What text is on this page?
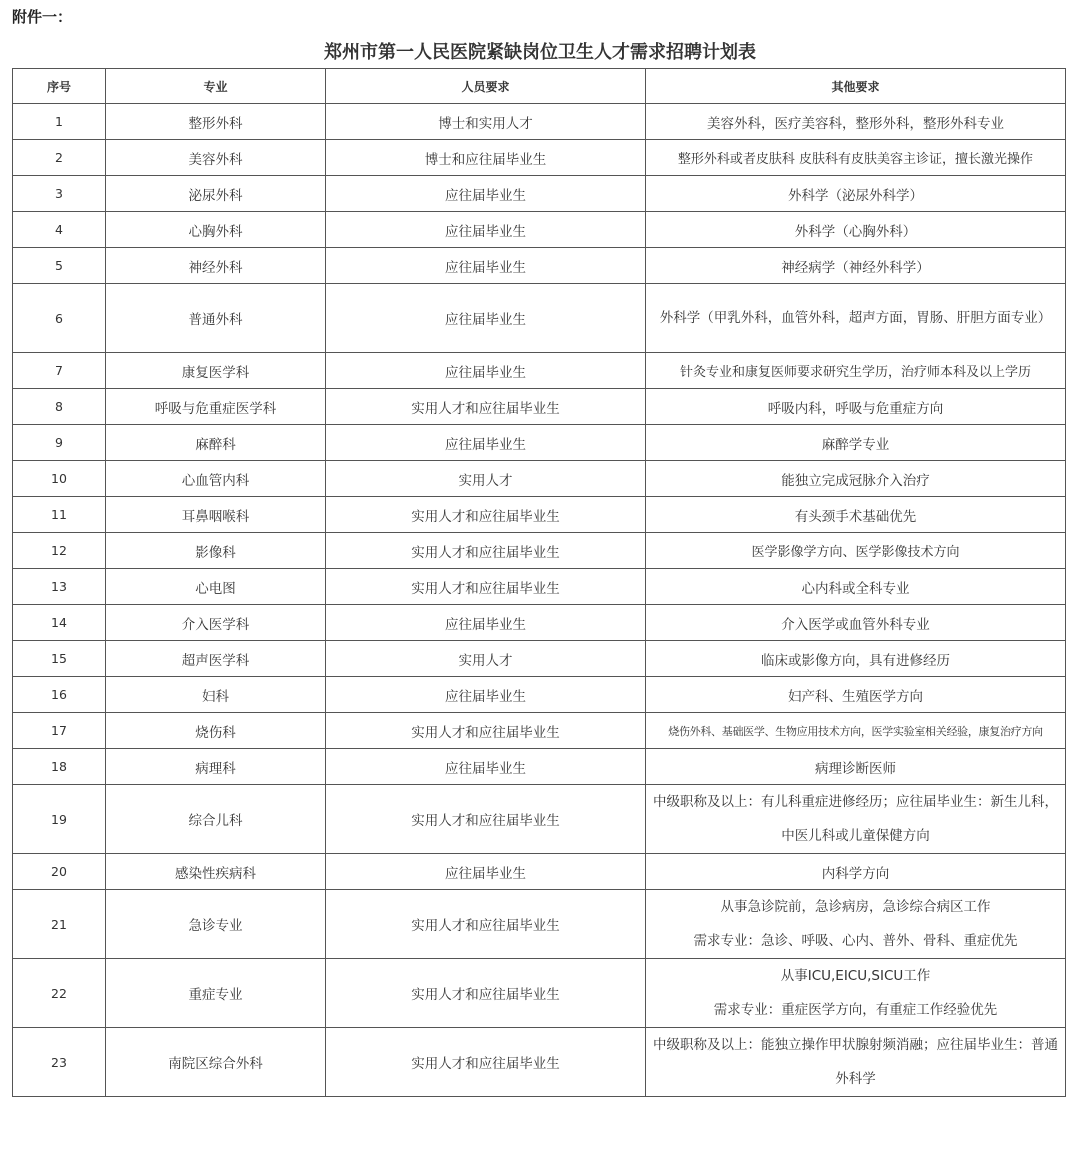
附件一：
郑州市第一人民医院紧缺岗位卫生人才需求招聘计划表
序号	专业	人员要求	其他要求
1	整形外科	博士和实用人才	美容外科，医疗美容科，整形外科，整形外科专业
2	美容外科	博士和应往届毕业生	整形外科或者皮肤科 皮肤科有皮肤美容主诊证，擅长激光操作
3	泌尿外科	应往届毕业生	外科学（泌尿外科学）
4	心胸外科	应往届毕业生	外科学（心胸外科）
5	神经外科	应往届毕业生	神经病学（神经外科学）
6	普通外科	应往届毕业生	外科学（甲乳外科，血管外科，超声方面，胃肠、肝胆方面专业）
7	康复医学科	应往届毕业生	针灸专业和康复医师要求研究生学历，治疗师本科及以上学历
8	呼吸与危重症医学科	实用人才和应往届毕业生	呼吸内科，呼吸与危重症方向
9	麻醉科	应往届毕业生	麻醉学专业
10	心血管内科	实用人才	能独立完成冠脉介入治疗
11	耳鼻咽喉科	实用人才和应往届毕业生	有头颈手术基础优先
12	影像科	实用人才和应往届毕业生	医学影像学方向、医学影像技术方向
13	心电图	实用人才和应往届毕业生	心内科或全科专业
14	介入医学科	应往届毕业生	介入医学或血管外科专业
15	超声医学科	实用人才	临床或影像方向，具有进修经历
16	妇科	应往届毕业生	妇产科、生殖医学方向
17	烧伤科	实用人才和应往届毕业生	烧伤外科、基础医学、生物应用技术方向，医学实验室相关经验，康复治疗方向
18	病理科	应往届毕业生	病理诊断医师
19	综合儿科	实用人才和应往届毕业生	中级职称及以上：有儿科重症进修经历；应往届毕业生：新生儿科，中医儿科或儿童保健方向
20	感染性疾病科	应往届毕业生	内科学方向
21	急诊专业	实用人才和应往届毕业生	从事急诊院前，急诊病房，急诊综合病区工作
需求专业：急诊、呼吸、心内、普外、骨科、重症优先

22	重症专业	实用人才和应往届毕业生	从事ICU,EICU,SICU工作
需求专业：重症医学方向，有重症工作经验优先

23	南院区综合外科	实用人才和应往届毕业生	中级职称及以上：能独立操作甲状腺射频消融；应往届毕业生：普通外科学
